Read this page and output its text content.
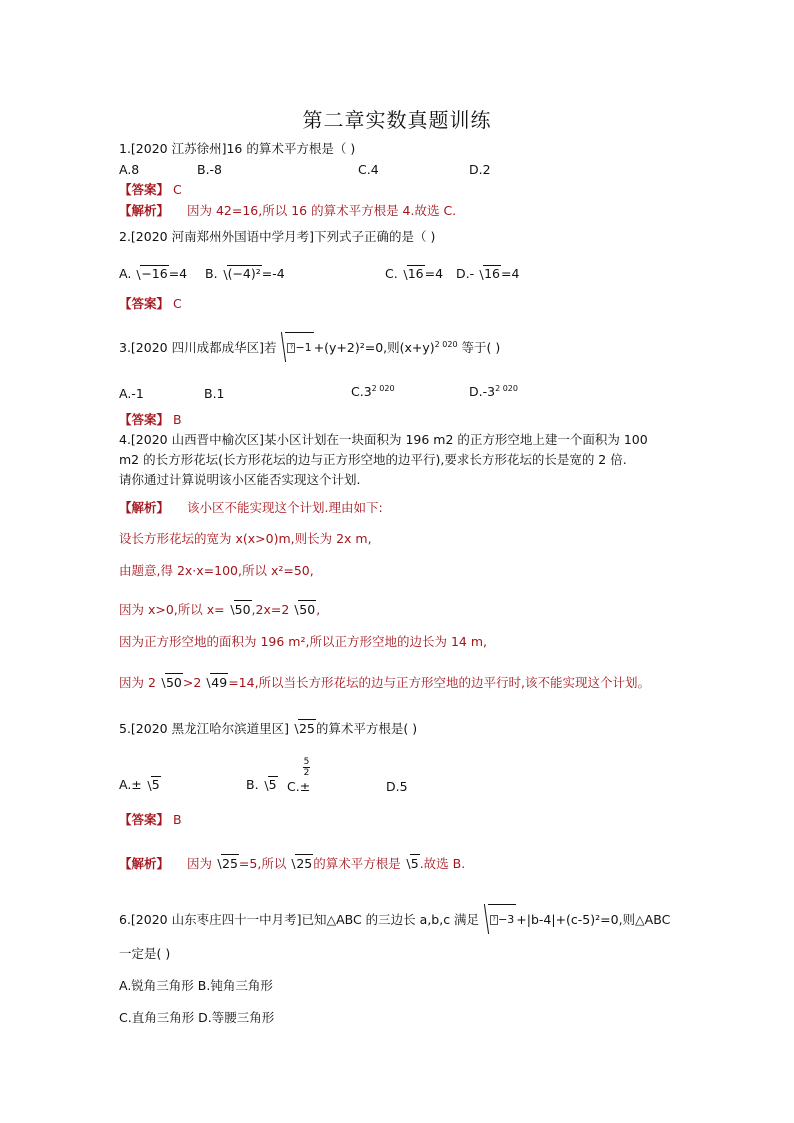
第二章实数真题训练
1.[2020 江苏徐州]16 的算术平方根是（ )
A.8	B.-8	C.4	D.2
【答案】 C
【解析】 因为 42=16,所以 16 的算术平方根是 4.故选 C.
2.[2020 河南郑州外国语中学月考]下列式子正确的是（ )
A. −16=4 B. (−4)²=-4	C. 16=4 D.- 16=4
【答案】 C
3.[2020 四川成都成华区]若 ? −1 +(y+2)²=0,则$(x+y)^{2 020}$ 等于( )
A.-1	B.1	$C.3^{2 020}$	$D.-3^{2 020}$
【答案】 B
4.[2020 山西晋中榆次区]某小区计划在一块面积为 196 m2 的正方形空地上建一个面积为 100
m2 的长方形花坛(长方形花坛的边与正方形空地的边平行),要求长方形花坛的长是宽的 2 倍.
请你通过计算说明该小区能否实现这个计划.
【解析】 该小区不能实现这个计划.理由如下:
设长方形花坛的宽为 x(x>0)m,则长为 2x m,
由题意,得 2x·x=100,所以 x²=50,
因为 x>0,所以 x= 50,2x=2 50,
因为正方形空地的面积为 196 m²,所以正方形空地的边长为 14 m,
因为 2 50>2 49=14,所以当长方形花坛的边与正方形空地的边平行时,该不能实现这个计划。
5.[2020 黑龙江哈尔滨道里区] 25的算术平方根是( )
A.± 5	B. 5 C.±
5
2
D.5
【答案】 B
【解析】 因为 25=5,所以 25的算术平方根是 5.故选 B.
6.[2020 山东枣庄四十一中月考]已知△ABC 的三边长 a,b,c 满足 ? −3 +|b-4|+(c-5)²=0,则△ABC
一定是( )
A.锐角三角形 B.钝角三角形
C.直角三角形 D.等腰三角形
